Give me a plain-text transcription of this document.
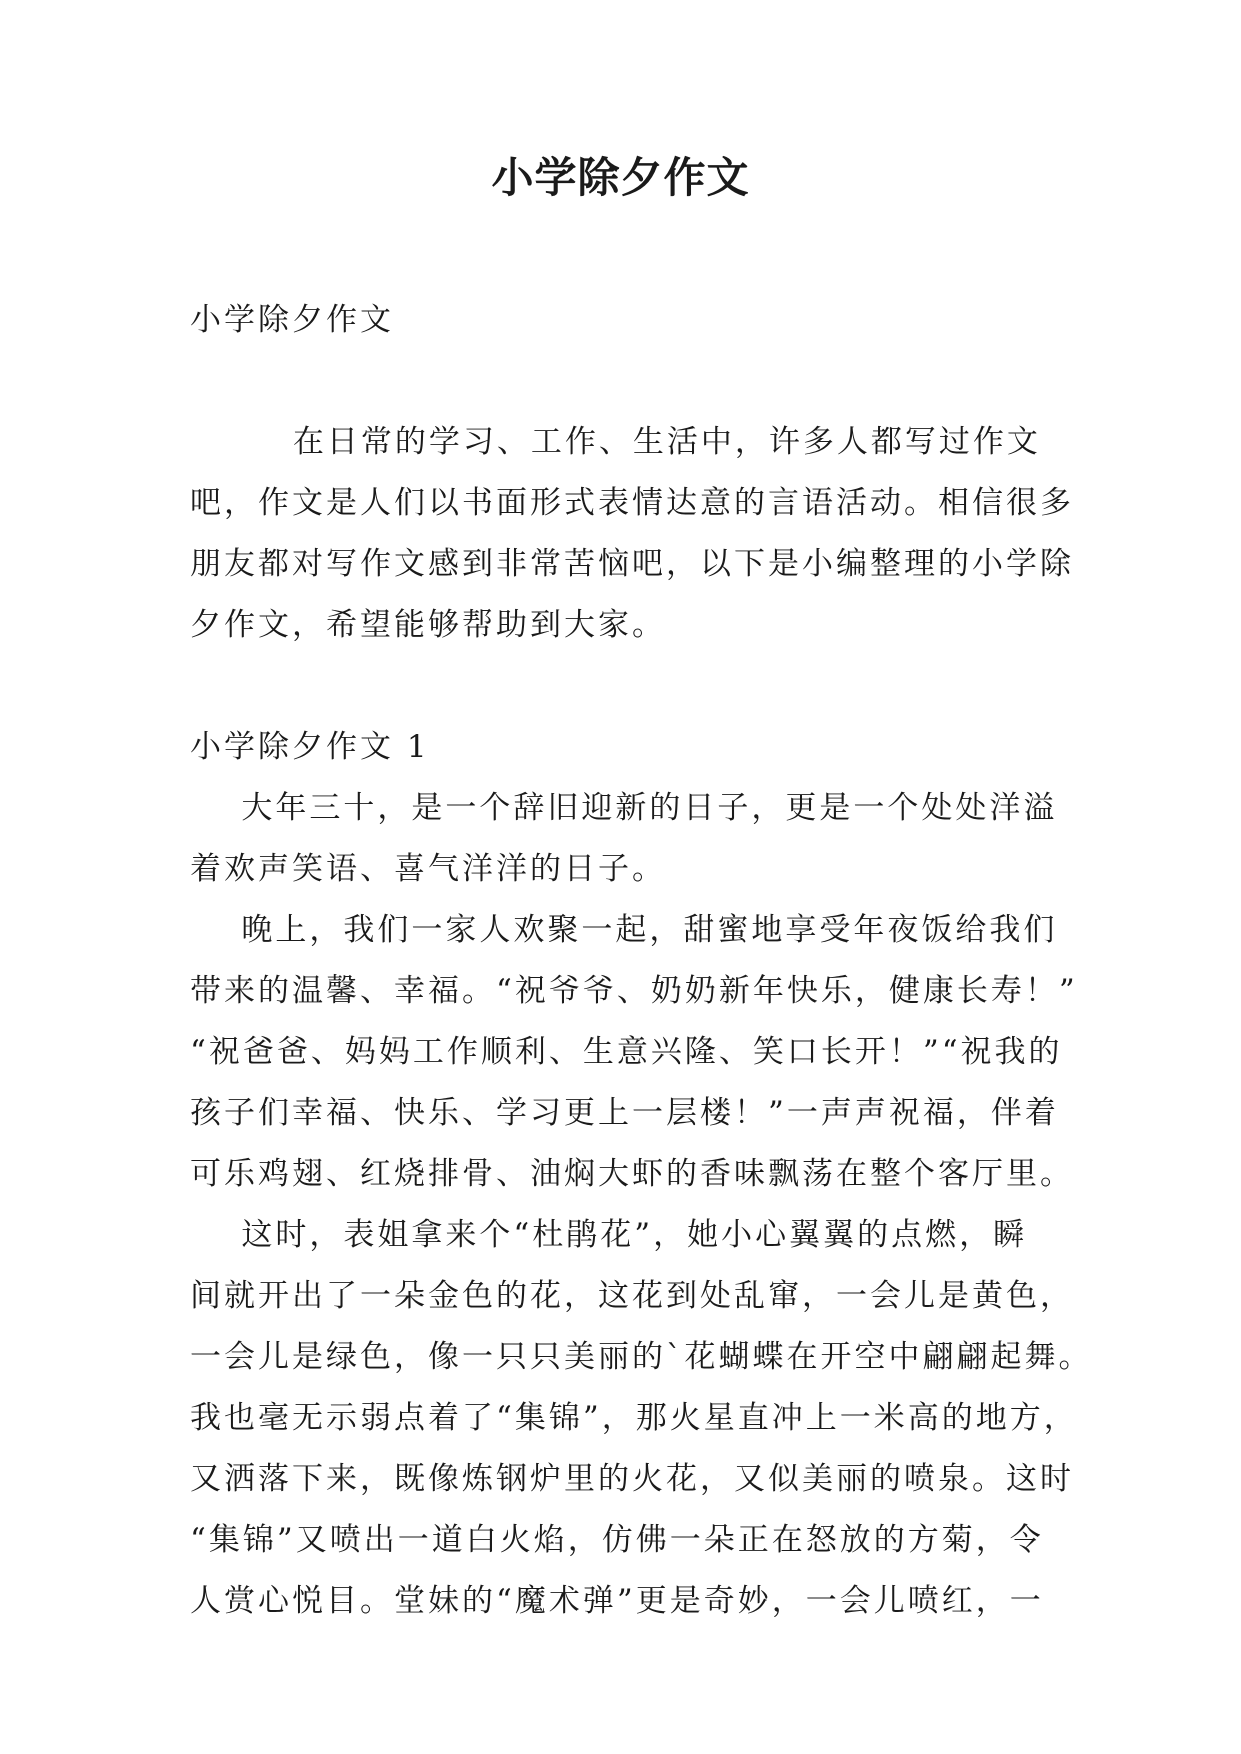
小学除夕作文
小学除夕作文
在日常的学习、工作、生活中，许多人都写过作文
吧，作文是人们以书面形式表情达意的言语活动。相信很多
朋友都对写作文感到非常苦恼吧，以下是小编整理的小学除
夕作文，希望能够帮助到大家。
小学除夕作文 1
大年三十，是一个辞旧迎新的日子，更是一个处处洋溢
着欢声笑语、喜气洋洋的日子。
晚上，我们一家人欢聚一起，甜蜜地享受年夜饭给我们
带来的温馨、幸福。“祝爷爷、奶奶新年快乐，健康长寿！”
“祝爸爸、妈妈工作顺利、生意兴隆、笑口长开！”“祝我的
孩子们幸福、快乐、学习更上一层楼！”一声声祝福，伴着
可乐鸡翅、红烧排骨、油焖大虾的香味飘荡在整个客厅里。
这时，表姐拿来个“杜鹃花”，她小心翼翼的点燃，瞬
间就开出了一朵金色的花，这花到处乱窜，一会儿是黄色，
一会儿是绿色，像一只只美丽的`花蝴蝶在开空中翩翩起舞。
我也毫无示弱点着了“集锦”，那火星直冲上一米高的地方，
又洒落下来，既像炼钢炉里的火花，又似美丽的喷泉。这时
“集锦”又喷出一道白火焰，仿佛一朵正在怒放的方菊，令
人赏心悦目。堂妹的“魔术弹”更是奇妙，一会儿喷红，一
